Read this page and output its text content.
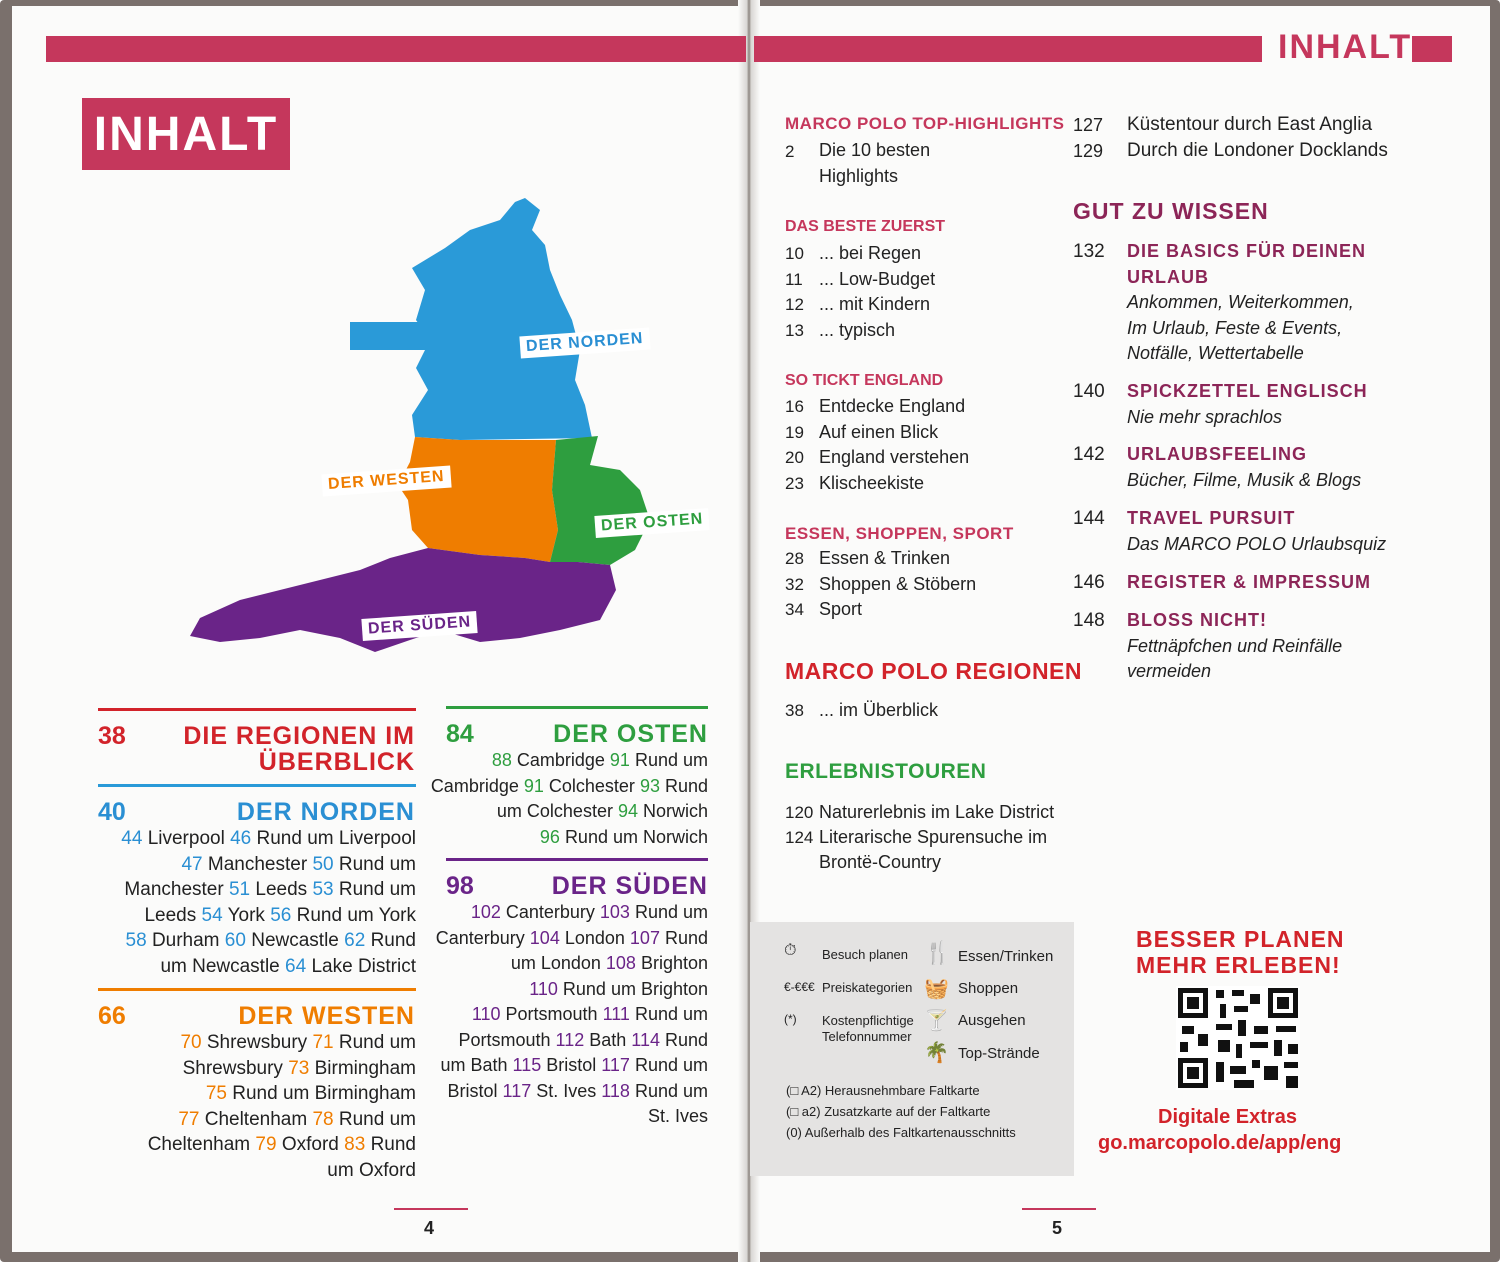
INHALT
INHALT
DER NORDEN
DER WESTEN
DER OSTEN
DER SÜDEN
38 DIE REGIONEN IM
ÜBERBLICK
40	DER NORDEN
44 Liverpool 46 Rund um Liverpool
47 Manchester 50 Rund um
Manchester 51 Leeds 53 Rund um
Leeds 54 York 56 Rund um York
58 Durham 60 Newcastle 62 Rund
um Newcastle 64 Lake District
66	DER WESTEN
70 Shrewsbury 71 Rund um
Shrewsbury 73 Birmingham
75 Rund um Birmingham
77 Cheltenham 78 Rund um
Cheltenham 79 Oxford 83 Rund
um Oxford
84	DER OSTEN
88 Cambridge 91 Rund um
Cambridge 91 Colchester 93 Rund
um Colchester 94 Norwich
96 Rund um Norwich
98	DER SÜDEN
102 Canterbury 103 Rund um
Canterbury 104 London 107 Rund
um London 108 Brighton
110 Rund um Brighton
110 Portsmouth 111 Rund um
Portsmouth 112 Bath 114 Rund
um Bath 115 Bristol 117 Rund um
Bristol 117 St. Ives 118 Rund um
St. Ives
4
MARCO POLO TOP-HIGHLIGHTS
2 Die 10 besten
Highlights
DAS BESTE ZUERST
10 ... bei Regen
11 ... Low-Budget
12 ... mit Kindern
13 ... typisch
SO TICKT ENGLAND
16 Entdecke England
19 Auf einen Blick
20 England verstehen
23 Klischeekiste
ESSEN, SHOPPEN, SPORT
28 Essen & Trinken
32 Shoppen & Stöbern
34 Sport
MARCO POLO REGIONEN
38 ... im Überblick
ERLEBNISTOUREN
120 Naturerlebnis im Lake District
124 Literarische Spurensuche im
Brontë-Country
127 Küstentour durch East Anglia
129 Durch die Londoner Docklands
GUT ZU WISSEN
132 DIE BASICS FÜR DEINEN
URLAUB
Ankommen, Weiterkommen,
Im Urlaub, Feste & Events,
Notfälle, Wettertabelle
140 SPICKZETTEL ENGLISCH
Nie mehr sprachlos
142 URLAUBSFEELING
Bücher, Filme, Musik & Blogs
144 TRAVEL PURSUIT
Das MARCO POLO Urlaubsquiz
146 REGISTER & IMPRESSUM
148 BLOSS NICHT!
Fettnäpfchen und Reinfälle
vermeiden
⏱ Besuch planen
€-€€€ Preiskategorien
(*) Kostenpflichtige
Telefonnummer
🍴 Essen/Trinken
🧺 Shoppen
🍸 Ausgehen
🌴 Top-Strände
(□ A2) Herausnehmbare Faltkarte
(□ a2) Zusatzkarte auf der Faltkarte
(0) Außerhalb des Faltkartenausschnitts
BESSER PLANEN
MEHR ERLEBEN!
Digitale Extras
go.marcopolo.de/app/eng
5
